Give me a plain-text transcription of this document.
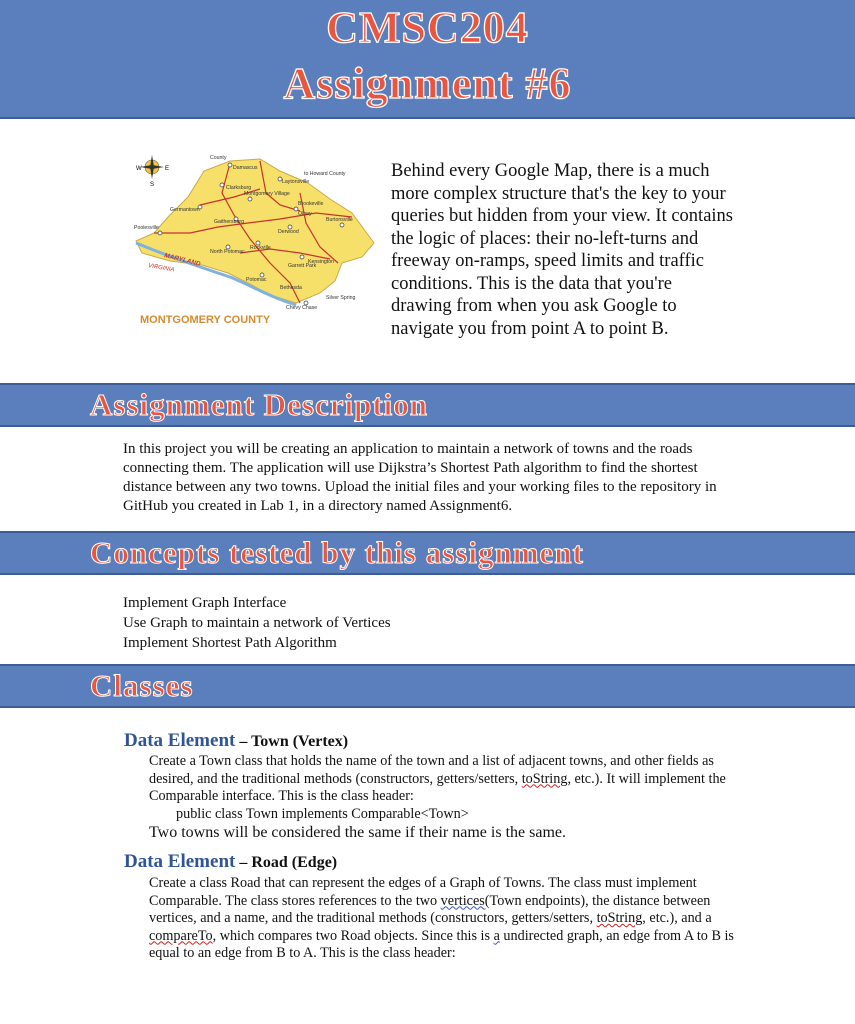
CMSC204
Assignment #6
W	E
S
County
Damascus
Clarksburg
Laytonsville
Germantown
Montgomery Village
Gaithersburg
Brookeville
Olney
Poolesville
Derwood
Burtonsville
North Potomac
Rockville
Potomac
Garrett Park
Kensington
Bethesda
Chevy Chase
Silver Spring
to Howard County
MARYLAND
VIRGINIA
MONTGOMERY COUNTY
Behind every Google Map, there is a much more complex structure that's the key to your queries but hidden from your view. It contains the logic of places: their no-left-turns and freeway on-ramps, speed limits and traffic conditions. This is the data that you're drawing from when you ask Google to navigate you from point A to point B.
Assignment Description
In this project you will be creating an application to maintain a network of towns and the roads connecting them. The application will use Dijkstra’s Shortest Path algorithm to find the shortest distance between any two towns. Upload the initial files and your working files to the repository in GitHub you created in Lab 1, in a directory named Assignment6.
Concepts tested by this assignment
Implement Graph Interface
Use Graph to maintain a network of Vertices
Implement Shortest Path Algorithm
Classes
Data Element – Town (Vertex)
Create a Town class that holds the name of the town and a list of adjacent towns, and other fields as desired, and the traditional methods (constructors, getters/setters, toString, etc.). It will implement the Comparable interface. This is the class header:
public class Town implements Comparable<Town>
Two towns will be considered the same if their name is the same.
Data Element – Road (Edge)
Create a class Road that can represent the edges of a Graph of Towns. The class must implement Comparable. The class stores references to the two vertices(Town endpoints), the distance between vertices, and a name, and the traditional methods (constructors, getters/setters, toString, etc.), and a compareTo, which compares two Road objects. Since this is a undirected graph, an edge from A to B is equal to an edge from B to A. This is the class header:
